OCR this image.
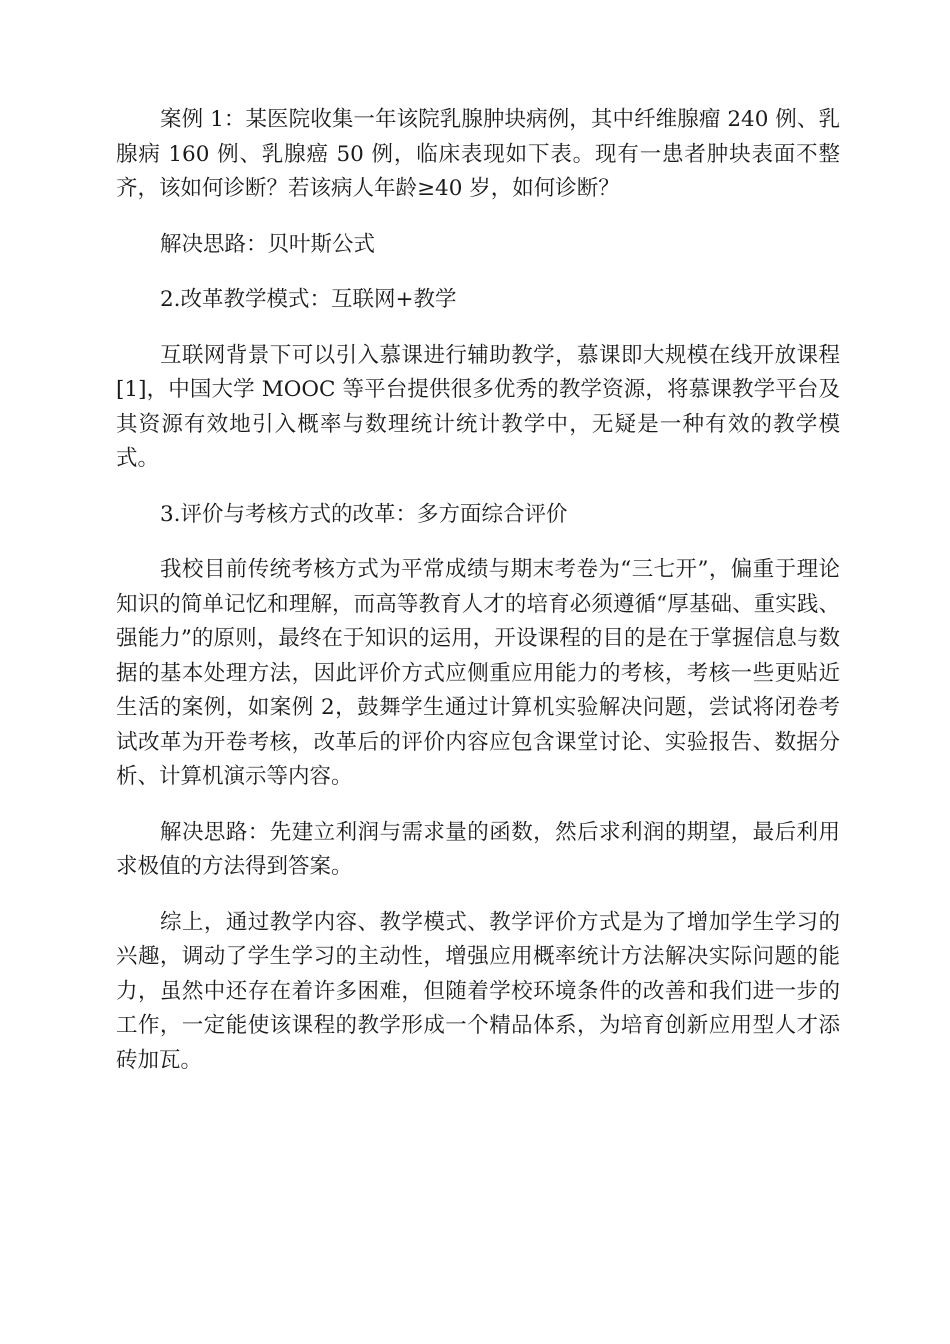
案例 1：某医院收集一年该院乳腺肿块病例，其中纤维腺瘤 240 例、乳腺病 160 例、乳腺癌 50 例，临床表现如下表。现有一患者肿块表面不整齐，该如何诊断？若该病人年龄≥40 岁，如何诊断？

解决思路：贝叶斯公式

2.改革教学模式：互联网+教学

互联网背景下可以引入慕课进行辅助教学，慕课即大规模在线开放课程[1]，中国大学 MOOC 等平台提供很多优秀的教学资源，将慕课教学平台及其资源有效地引入概率与数理统计统计教学中，无疑是一种有效的教学模式。

3.评价与考核方式的改革：多方面综合评价

我校目前传统考核方式为平常成绩与期末考卷为“三七开”，偏重于理论知识的简单记忆和理解，而高等教育人才的培育必须遵循“厚基础、重实践、强能力”的原则，最终在于知识的运用，开设课程的目的是在于掌握信息与数据的基本处理方法，因此评价方式应侧重应用能力的考核，考核一些更贴近生活的案例，如案例 2，鼓舞学生通过计算机实验解决问题，尝试将闭卷考试改革为开卷考核，改革后的评价内容应包含课堂讨论、实验报告、数据分析、计算机演示等内容。

解决思路：先建立利润与需求量的函数，然后求利润的期望，最后利用求极值的方法得到答案。

综上，通过教学内容、教学模式、教学评价方式是为了增加学生学习的兴趣，调动了学生学习的主动性，增强应用概率统计方法解决实际问题的能力，虽然中还存在着许多困难，但随着学校环境条件的改善和我们进一步的工作，一定能使该课程的教学形成一个精品体系，为培育创新应用型人才添砖加瓦。
